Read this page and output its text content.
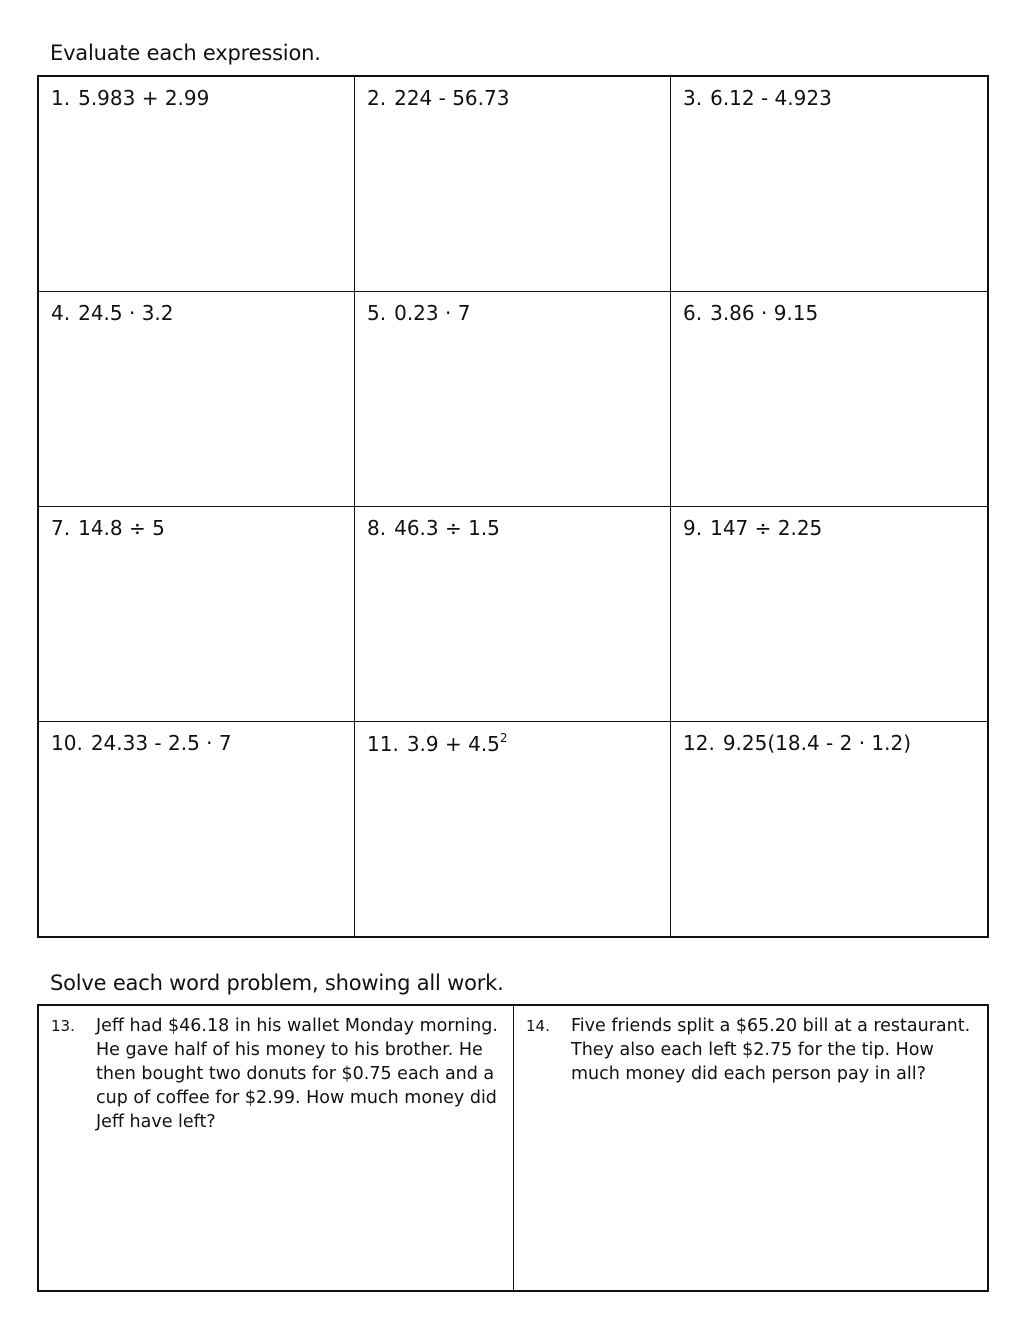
Evaluate each expression.
1. 5.983 + 2.99	2. 224 - 56.73	3. 6.12 - 4.923
4. 24.5 · 3.2	5. 0.23 · 7	6. 3.86 · 9.15
7. 14.8 ÷ 5	8. 46.3 ÷ 1.5	9. 147 ÷ 2.25
10. 24.33 - 2.5 · 7	11. $3.9 + 4.5^2$	12. 9.25(18.4 - 2 · 1.2)
Solve each word problem, showing all work.
13. Jeff had $46.18 in his wallet Monday morning. He gave half of his money to his brother. He then bought two donuts for $0.75 each and a cup of coffee for $2.99. How much money did Jeff have left?
14. Five friends split a $65.20 bill at a restaurant. They also each left $2.75 for the tip. How much money did each person pay in all?
